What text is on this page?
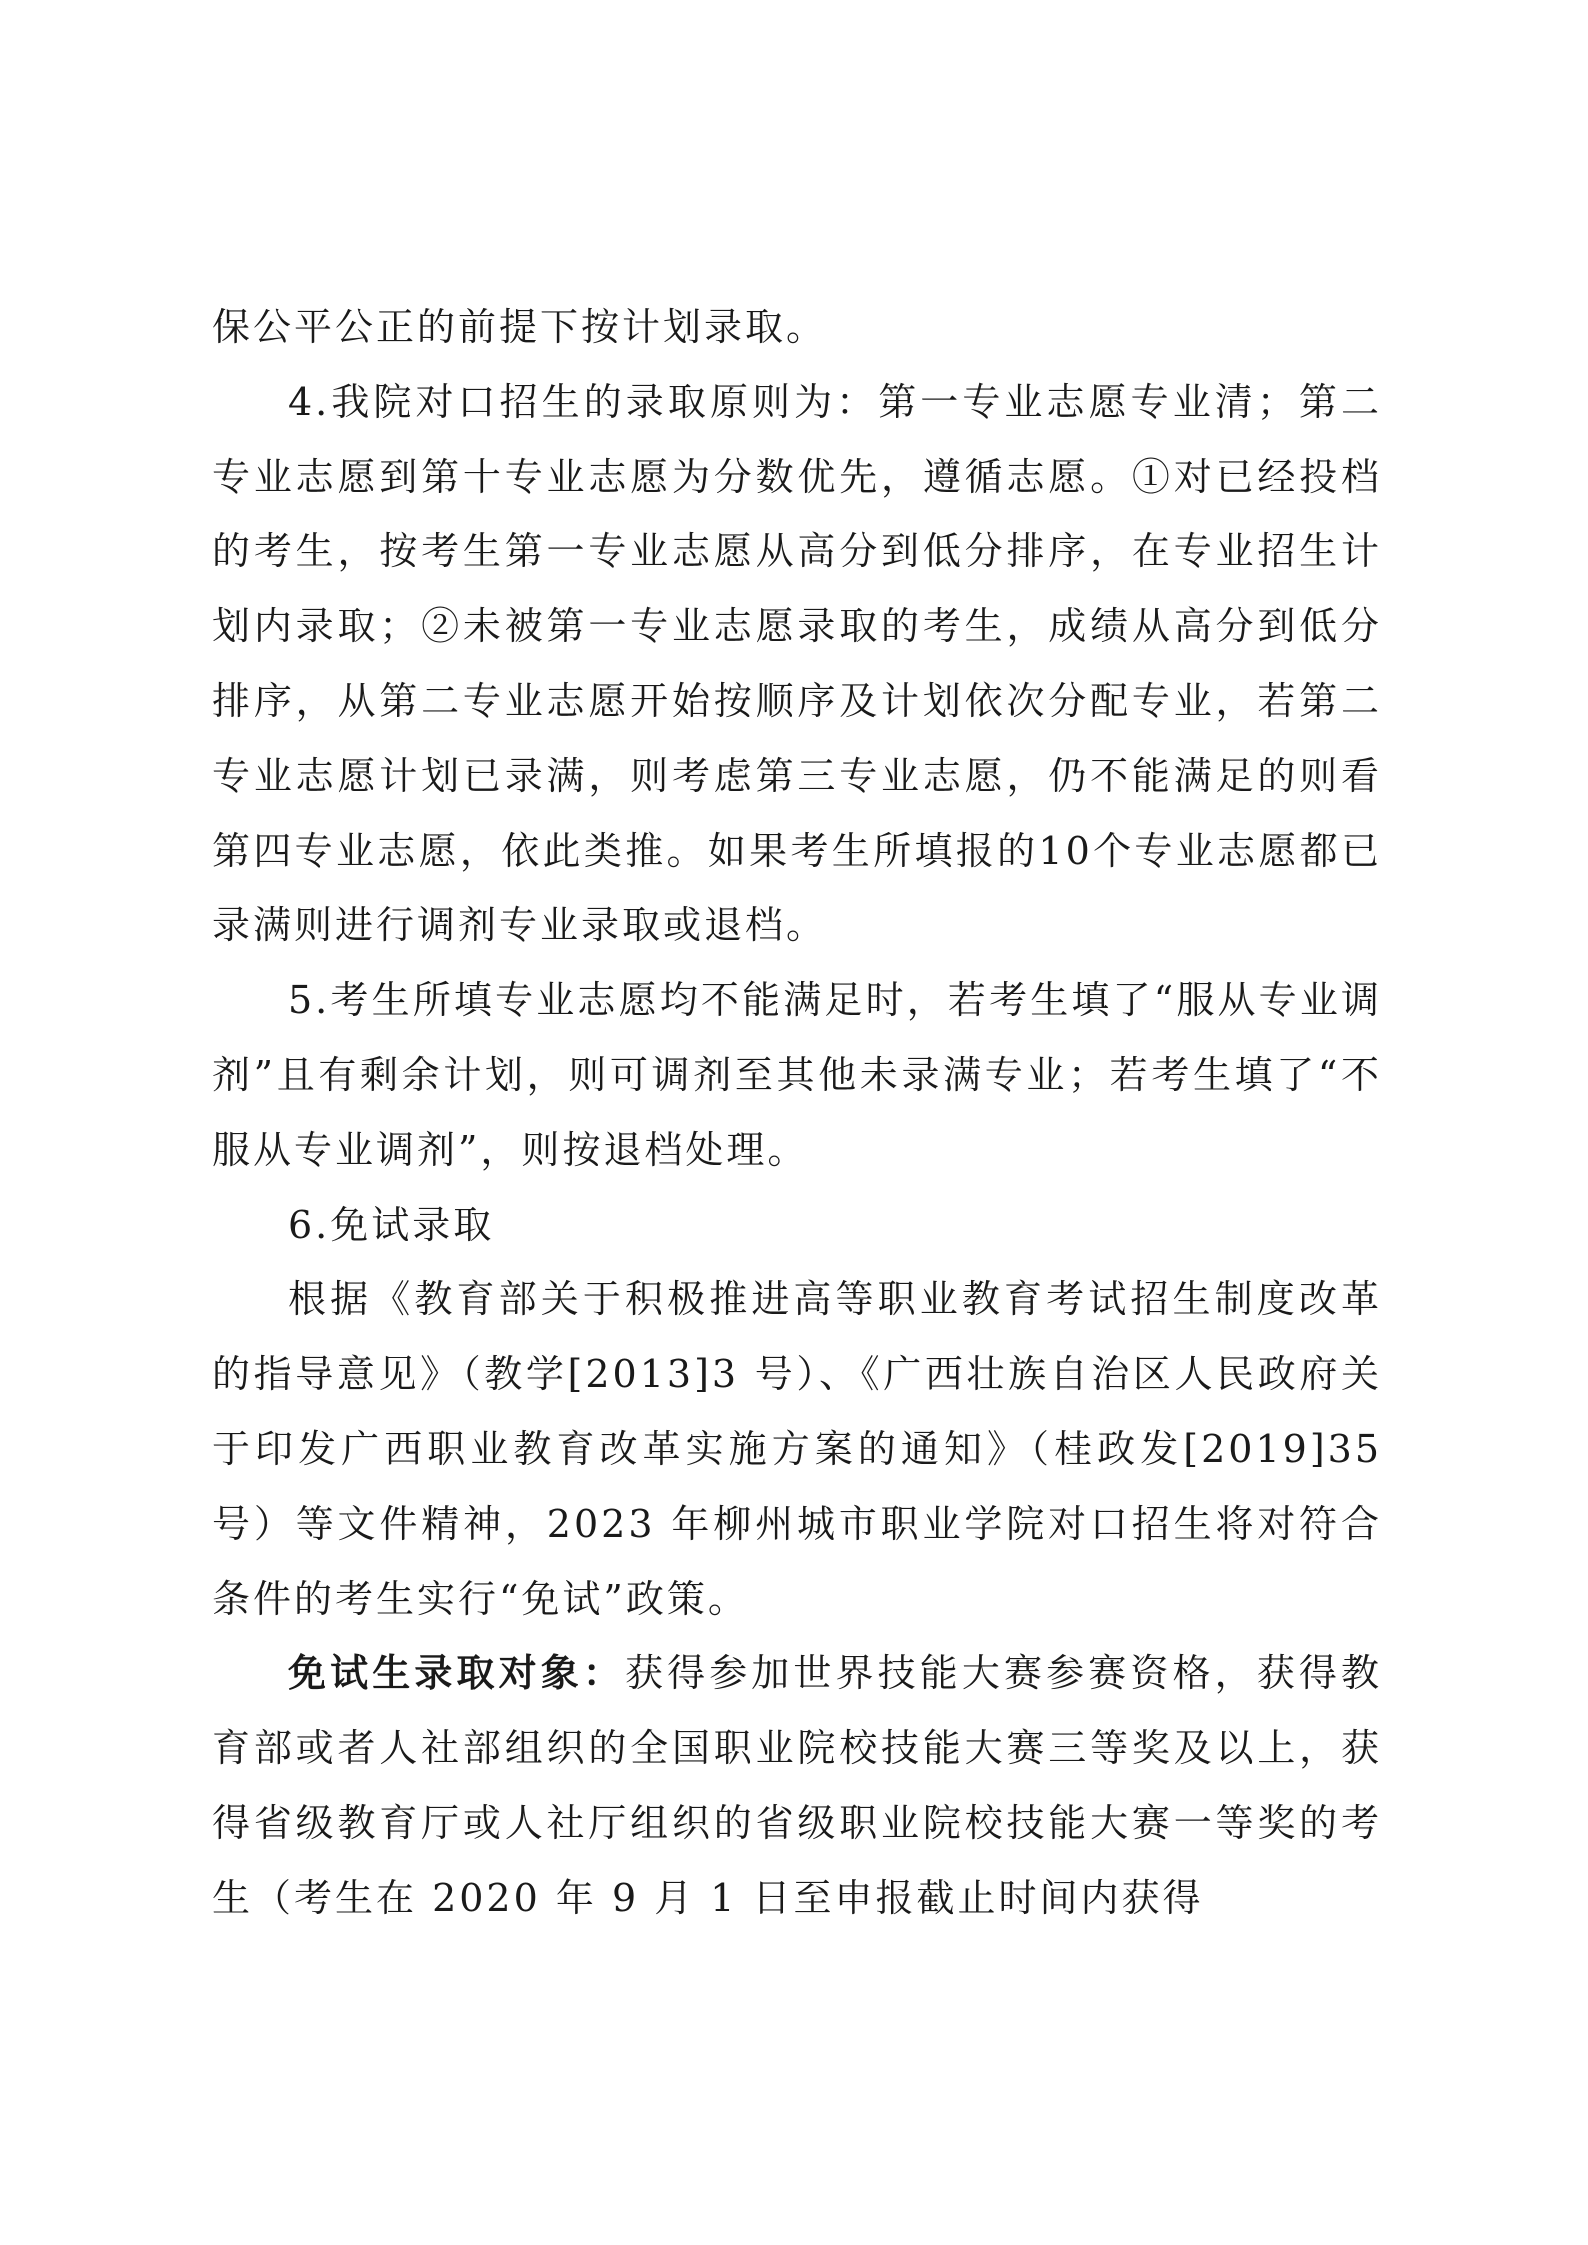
保公平公正的前提下按计划录取。

4.我院对口招生的录取原则为：第一专业志愿专业清；第二专业志愿到第十专业志愿为分数优先，遵循志愿。①对已经投档的考生，按考生第一专业志愿从高分到低分排序，在专业招生计划内录取；②未被第一专业志愿录取的考生，成绩从高分到低分排序，从第二专业志愿开始按顺序及计划依次分配专业，若第二专业志愿计划已录满，则考虑第三专业志愿，仍不能满足的则看第四专业志愿，依此类推。如果考生所填报的10个专业志愿都已录满则进行调剂专业录取或退档。

5.考生所填专业志愿均不能满足时，若考生填了“服从专业调剂”且有剩余计划，则可调剂至其他未录满专业；若考生填了“不服从专业调剂”，则按退档处理。

6.免试录取

根据《教育部关于积极推进高等职业教育考试招生制度改革的指导意见》（教学[2013]3 号）、《广西壮族自治区人民政府关于印发广西职业教育改革实施方案的通知》（桂政发[2019]35 号）等文件精神，2023 年柳州城市职业学院对口招生将对符合条件的考生实行“免试”政策。

免试生录取对象：获得参加世界技能大赛参赛资格，获得教育部或者人社部组织的全国职业院校技能大赛三等奖及以上，获得省级教育厅或人社厅组织的省级职业院校技能大赛一等奖的考生（考生在 2020 年 9 月 1 日至申报截止时间内获得
